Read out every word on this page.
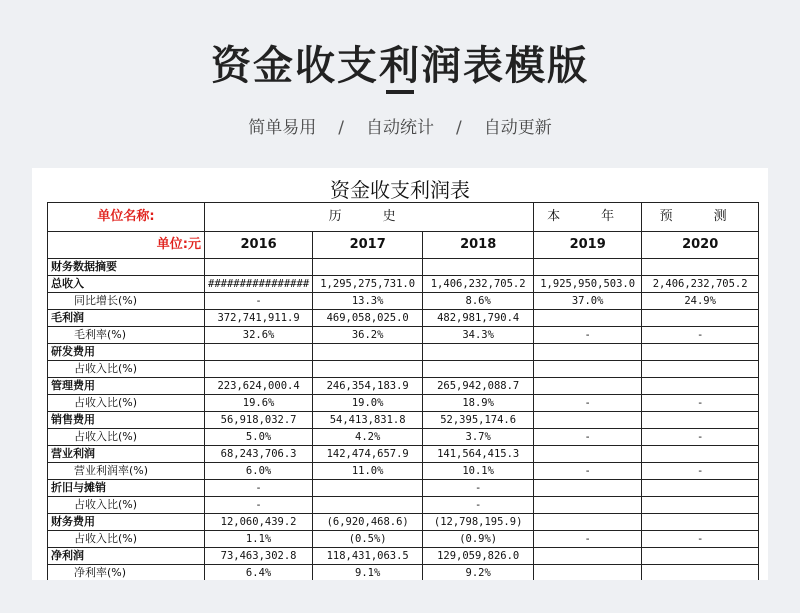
资金收支利润表模版
简单易用 / 自动统计 / 自动更新
资金收支利润表
单位名称:	历　史			本　年	预　测
单位:元	2016	2017	2018	2019	2020
财务数据摘要					
总收入	################	1,295,275,731.0	1,406,232,705.2	1,925,950,503.0	2,406,232,705.2
同比增长(%)	-	13.3%	8.6%	37.0%	24.9%
毛利润	372,741,911.9	469,058,025.0	482,981,790.4		
毛利率(%)	32.6%	36.2%	34.3%	-	-
研发费用					
占收入比(%)					
管理费用	223,624,000.4	246,354,183.9	265,942,088.7		
占收入比(%)	19.6%	19.0%	18.9%	-	-
销售费用	56,918,032.7	54,413,831.8	52,395,174.6		
占收入比(%)	5.0%	4.2%	3.7%	-	-
营业利润	68,243,706.3	142,474,657.9	141,564,415.3		
营业利润率(%)	6.0%	11.0%	10.1%	-	-
折旧与摊销	-		-		
占收入比(%)	-		-		
财务费用	12,060,439.2	(6,920,468.6)	(12,798,195.9)		
占收入比(%)	1.1%	(0.5%)	(0.9%)	-	-
净利润	73,463,302.8	118,431,063.5	129,059,826.0		
净利率(%)	6.4%	9.1%	9.2%		
